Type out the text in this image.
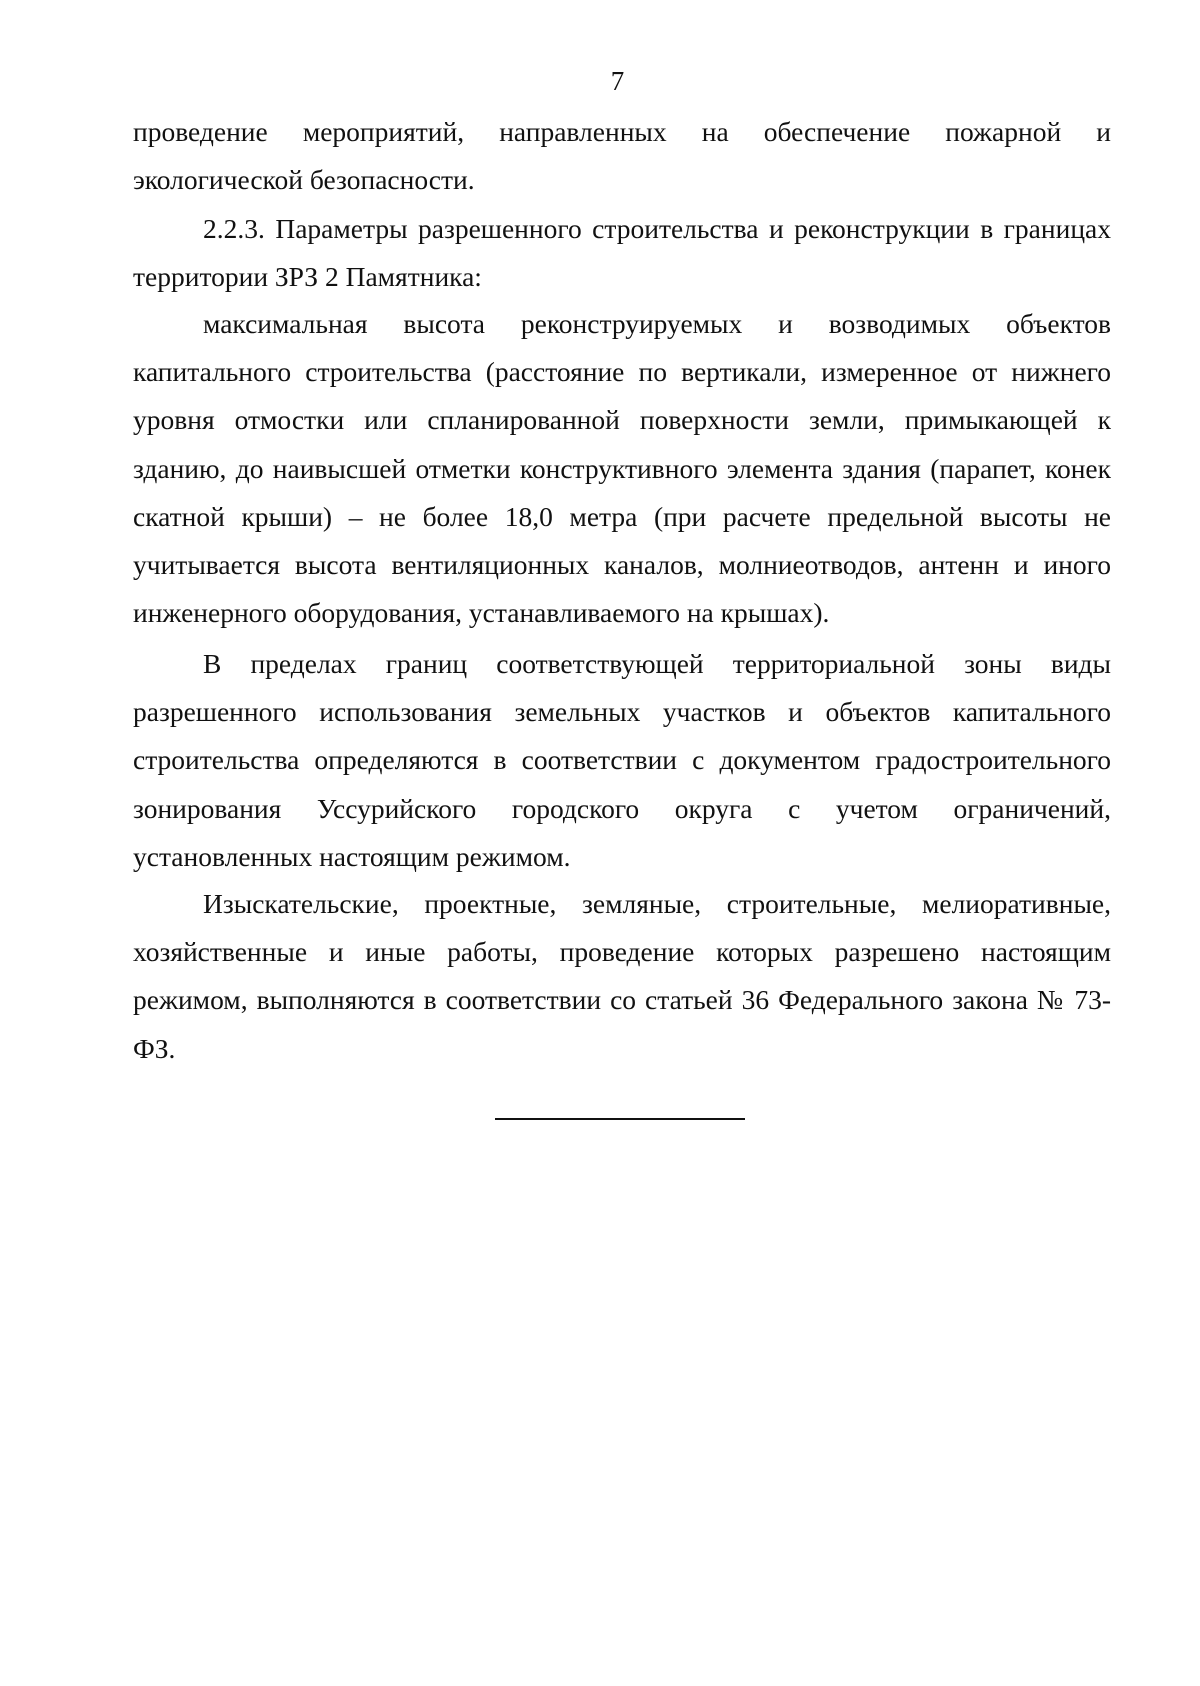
7

проведение мероприятий, направленных на обеспечение пожарной и экологической безопасности.

2.2.3. Параметры разрешенного строительства и реконструкции в границах территории ЗРЗ 2 Памятника:

максимальная высота реконструируемых и возводимых объектов капитального строительства (расстояние по вертикали, измеренное от нижнего уровня отмостки или спланированной поверхности земли, примыкающей к зданию, до наивысшей отметки конструктивного элемента здания (парапет, конек скатной крыши) – не более 18,0 метра (при расчете предельной высоты не учитывается высота вентиляционных каналов, молниеотводов, антенн и иного инженерного оборудования, устанавливаемого на крышах).

В пределах границ соответствующей территориальной зоны виды разрешенного использования земельных участков и объектов капитального строительства определяются в соответствии с документом градостроительного зонирования Уссурийского городского округа с учетом ограничений, установленных настоящим режимом.

Изыскательские, проектные, земляные, строительные, мелиоративные, хозяйственные и иные работы, проведение которых разрешено настоящим режимом, выполняются в соответствии со статьей 36 Федерального закона № 73-ФЗ.
